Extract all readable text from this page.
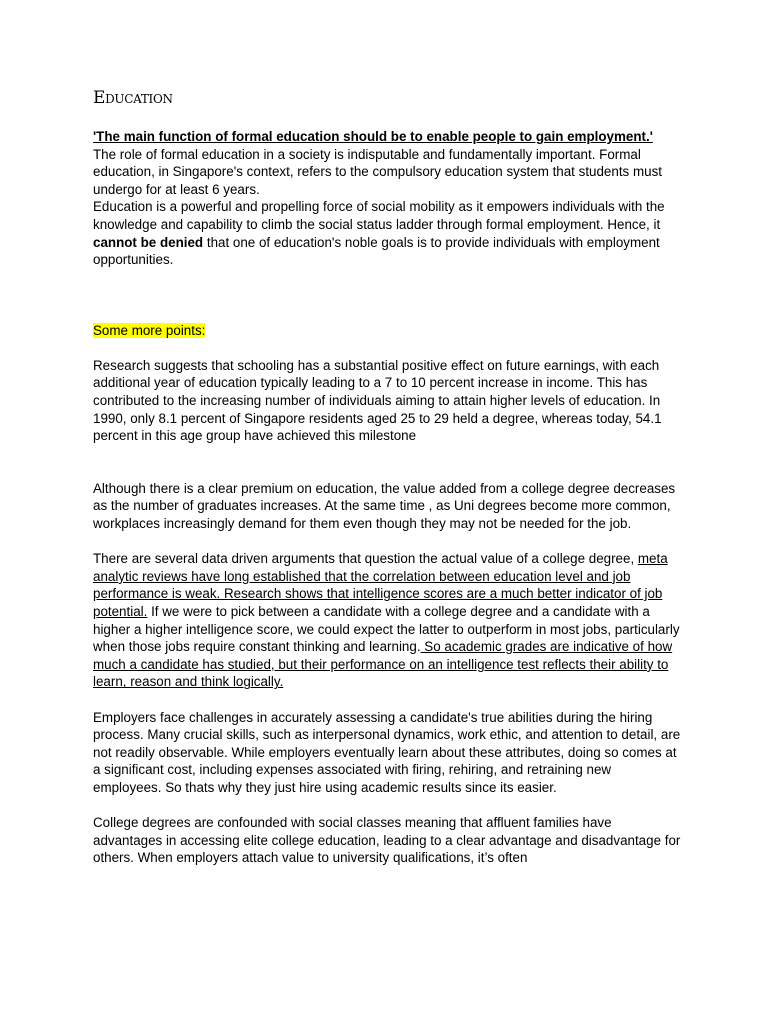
Education

'The main function of formal education should be to enable people to gain employment.'

The role of formal education in a society is indisputable and fundamentally important. Formal education, in Singapore's context, refers to the compulsory education system that students must undergo for at least 6 years.

Education is a powerful and propelling force of social mobility as it empowers individuals with the knowledge and capability to climb the social status ladder through formal employment. Hence, it cannot be denied that one of education's noble goals is to provide individuals with employment opportunities.

Some more points:

Research suggests that schooling has a substantial positive effect on future earnings, with each additional year of education typically leading to a 7 to 10 percent increase in income. This has contributed to the increasing number of individuals aiming to attain higher levels of education. In 1990, only 8.1 percent of Singapore residents aged 25 to 29 held a degree, whereas today, 54.1 percent in this age group have achieved this milestone

Although there is a clear premium on education, the value added from a college degree decreases as the number of graduates increases. At the same time , as Uni degrees become more common, workplaces increasingly demand for them even though they may not be needed for the job.

There are several data driven arguments that question the actual value of a college degree, meta analytic reviews have long established that the correlation between education level and job performance is weak. Research shows that intelligence scores are a much better indicator of job potential. If we were to pick between a candidate with a college degree and a candidate with a higher a higher intelligence score, we could expect the latter to outperform in most jobs, particularly when those jobs require constant thinking and learning. So academic grades are indicative of how much a candidate has studied, but their performance on an intelligence test reflects their ability to learn, reason and think logically.

Employers face challenges in accurately assessing a candidate's true abilities during the hiring process. Many crucial skills, such as interpersonal dynamics, work ethic, and attention to detail, are not readily observable. While employers eventually learn about these attributes, doing so comes at a significant cost, including expenses associated with firing, rehiring, and retraining new employees. So thats why they just hire using academic results since its easier.

College degrees are confounded with social classes meaning that affluent families have advantages in accessing elite college education, leading to a clear advantage and disadvantage for others. When employers attach value to university qualifications, it’s often
